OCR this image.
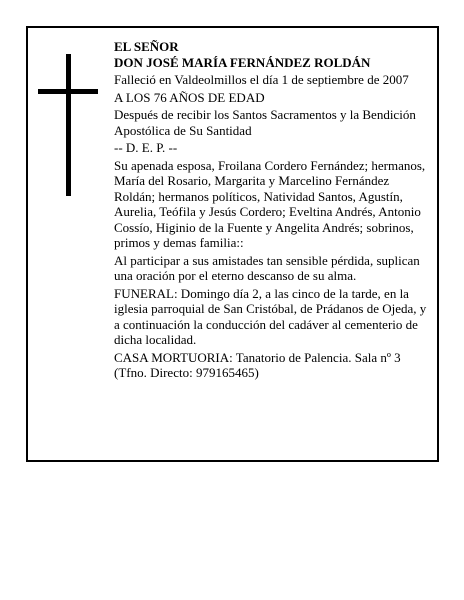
EL SEÑOR
DON JOSÉ MARÍA FERNÁNDEZ ROLDÁN
Falleció en Valdeolmillos el día 1 de septiembre de 2007
A LOS 76 AÑOS DE EDAD
Después de recibir los Santos Sacramentos y la Bendición Apostólica de Su Santidad
-- D. E. P. --
Su apenada esposa, Froilana Cordero Fernández; hermanos, María del Rosario, Margarita y Marcelino Fernández Roldán; hermanos políticos, Natividad Santos, Agustín, Aurelia, Teófila y Jesús Cordero; Eveltina Andrés, Antonio Cossío, Higinio de la Fuente y Angelita Andrés; sobrinos, primos y demas familia::
Al participar a sus amistades tan sensible pérdida, suplican una oración por el eterno descanso de su alma.
FUNERAL: Domingo día 2, a las cinco de la tarde, en la iglesia parroquial de San Cristóbal, de Prádanos de Ojeda, y a continuación la conducción del cadáver al cementerio de dicha localidad.
CASA MORTUORIA: Tanatorio de Palencia. Sala nº 3 (Tfno. Directo: 979165465)
